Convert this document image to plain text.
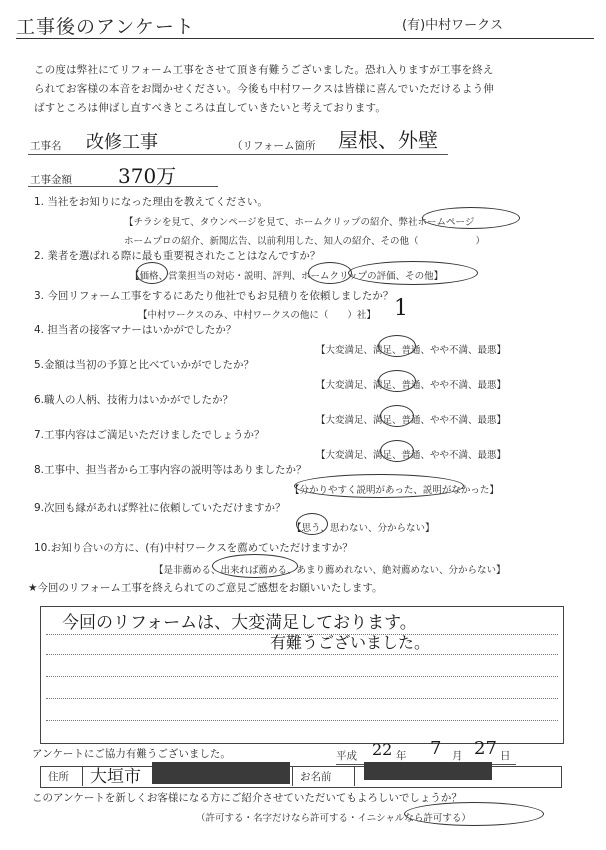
工事後のアンケート	(有)中村ワークス
この度は弊社にてリフォーム工事をさせて頂き有難うございました。恐れ入りますが工事を終え
られてお客様の本音をお聞かせください。今後も中村ワークスは皆様に喜んでいただけるよう伸
ばすところは伸ばし直すべきところは直していきたいと考えております。
工事名 改修工事	（リフォーム箇所 屋根、外壁
工事金額 370万
1. 当社をお知りになった理由を教えてください。
【チラシを見て、タウンページを見て、ホームクリップの紹介、弊社ホームページ
ホームプロの紹介、新聞広告、以前利用した、知人の紹介、その他（　　　　　　）
2. 業者を選ばれる際に最も重要視されたことはなんですか？
【価格、営業担当の対応・説明、評判、ホームクリップの評価、その他】
3. 今回リフォーム工事をするにあたり他社でもお見積りを依頼しましたか？
【中村ワークスのみ、中村ワークスの他に（　　）社】 1
4. 担当者の接客マナーはいかがでしたか？
【大変満足、満足、普通、やや不満、最悪】
5.金額は当初の予算と比べていかがでしたか？
【大変満足、満足、普通、やや不満、最悪】
6.職人の人柄、技術力はいかがでしたか？
【大変満足、満足、普通、やや不満、最悪】
7.工事内容はご満足いただけましたでしょうか？
【大変満足、満足、普通、やや不満、最悪】
8.工事中、担当者から工事内容の説明等はありましたか？
【分かりやすく説明があった、説明がなかった】
9.次回も縁があれば弊社に依頼していただけますか？
【思う、思わない、分からない】
10.お知り合いの方に、(有)中村ワークスを薦めていただけますか？
【是非薦める、出来れば薦める、あまり薦めれない、絶対薦めない、分からない】
★今回のリフォーム工事を終えられてのご意見ご感想をお願いいたします。
今回のリフォームは、大変満足しております。
有難うございました。
アンケートにご協力有難うございました。	平成 22 年 7 月 27 日
住所 大垣市	お名前
このアンケートを新しくお客様になる方にご紹介させていただいてもよろしいでしょうか？
（許可する・名字だけなら許可する・イニシャルなら許可する）
